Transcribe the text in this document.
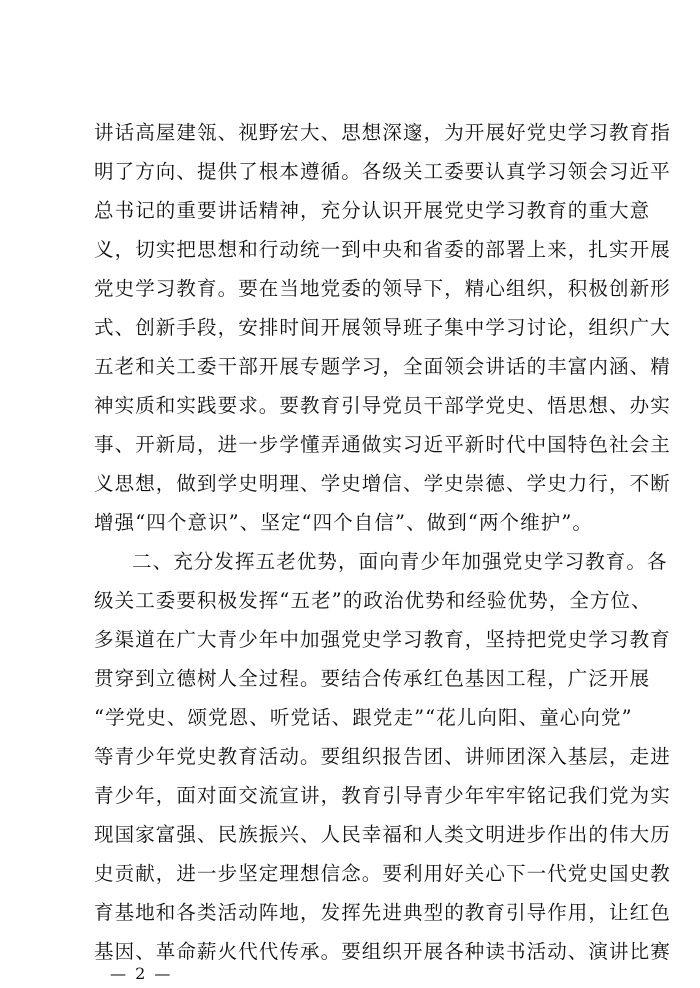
讲话高屋建瓴、视野宏大、思想深邃，为开展好党史学习教育指
明了方向、提供了根本遵循。各级关工委要认真学习领会习近平
总书记的重要讲话精神，充分认识开展党史学习教育的重大意
义，切实把思想和行动统一到中央和省委的部署上来，扎实开展
党史学习教育。要在当地党委的领导下，精心组织，积极创新形
式、创新手段，安排时间开展领导班子集中学习讨论，组织广大
五老和关工委干部开展专题学习，全面领会讲话的丰富内涵、精
神实质和实践要求。要教育引导党员干部学党史、悟思想、办实
事、开新局，进一步学懂弄通做实习近平新时代中国特色社会主
义思想，做到学史明理、学史增信、学史崇德、学史力行，不断
增强“四个意识”、坚定“四个自信”、做到“两个维护”。
二、充分发挥五老优势，面向青少年加强党史学习教育。各
级关工委要积极发挥“五老”的政治优势和经验优势，全方位、
多渠道在广大青少年中加强党史学习教育，坚持把党史学习教育
贯穿到立德树人全过程。要结合传承红色基因工程，广泛开展
“学党史、颂党恩、听党话、跟党走”“花儿向阳、童心向党”
等青少年党史教育活动。要组织报告团、讲师团深入基层，走进
青少年，面对面交流宣讲，教育引导青少年牢牢铭记我们党为实
现国家富强、民族振兴、人民幸福和人类文明进步作出的伟大历
史贡献，进一步坚定理想信念。要利用好关心下一代党史国史教
育基地和各类活动阵地，发挥先进典型的教育引导作用，让红色
基因、革命薪火代代传承。要组织开展各种读书活动、演讲比赛
— 2 —
